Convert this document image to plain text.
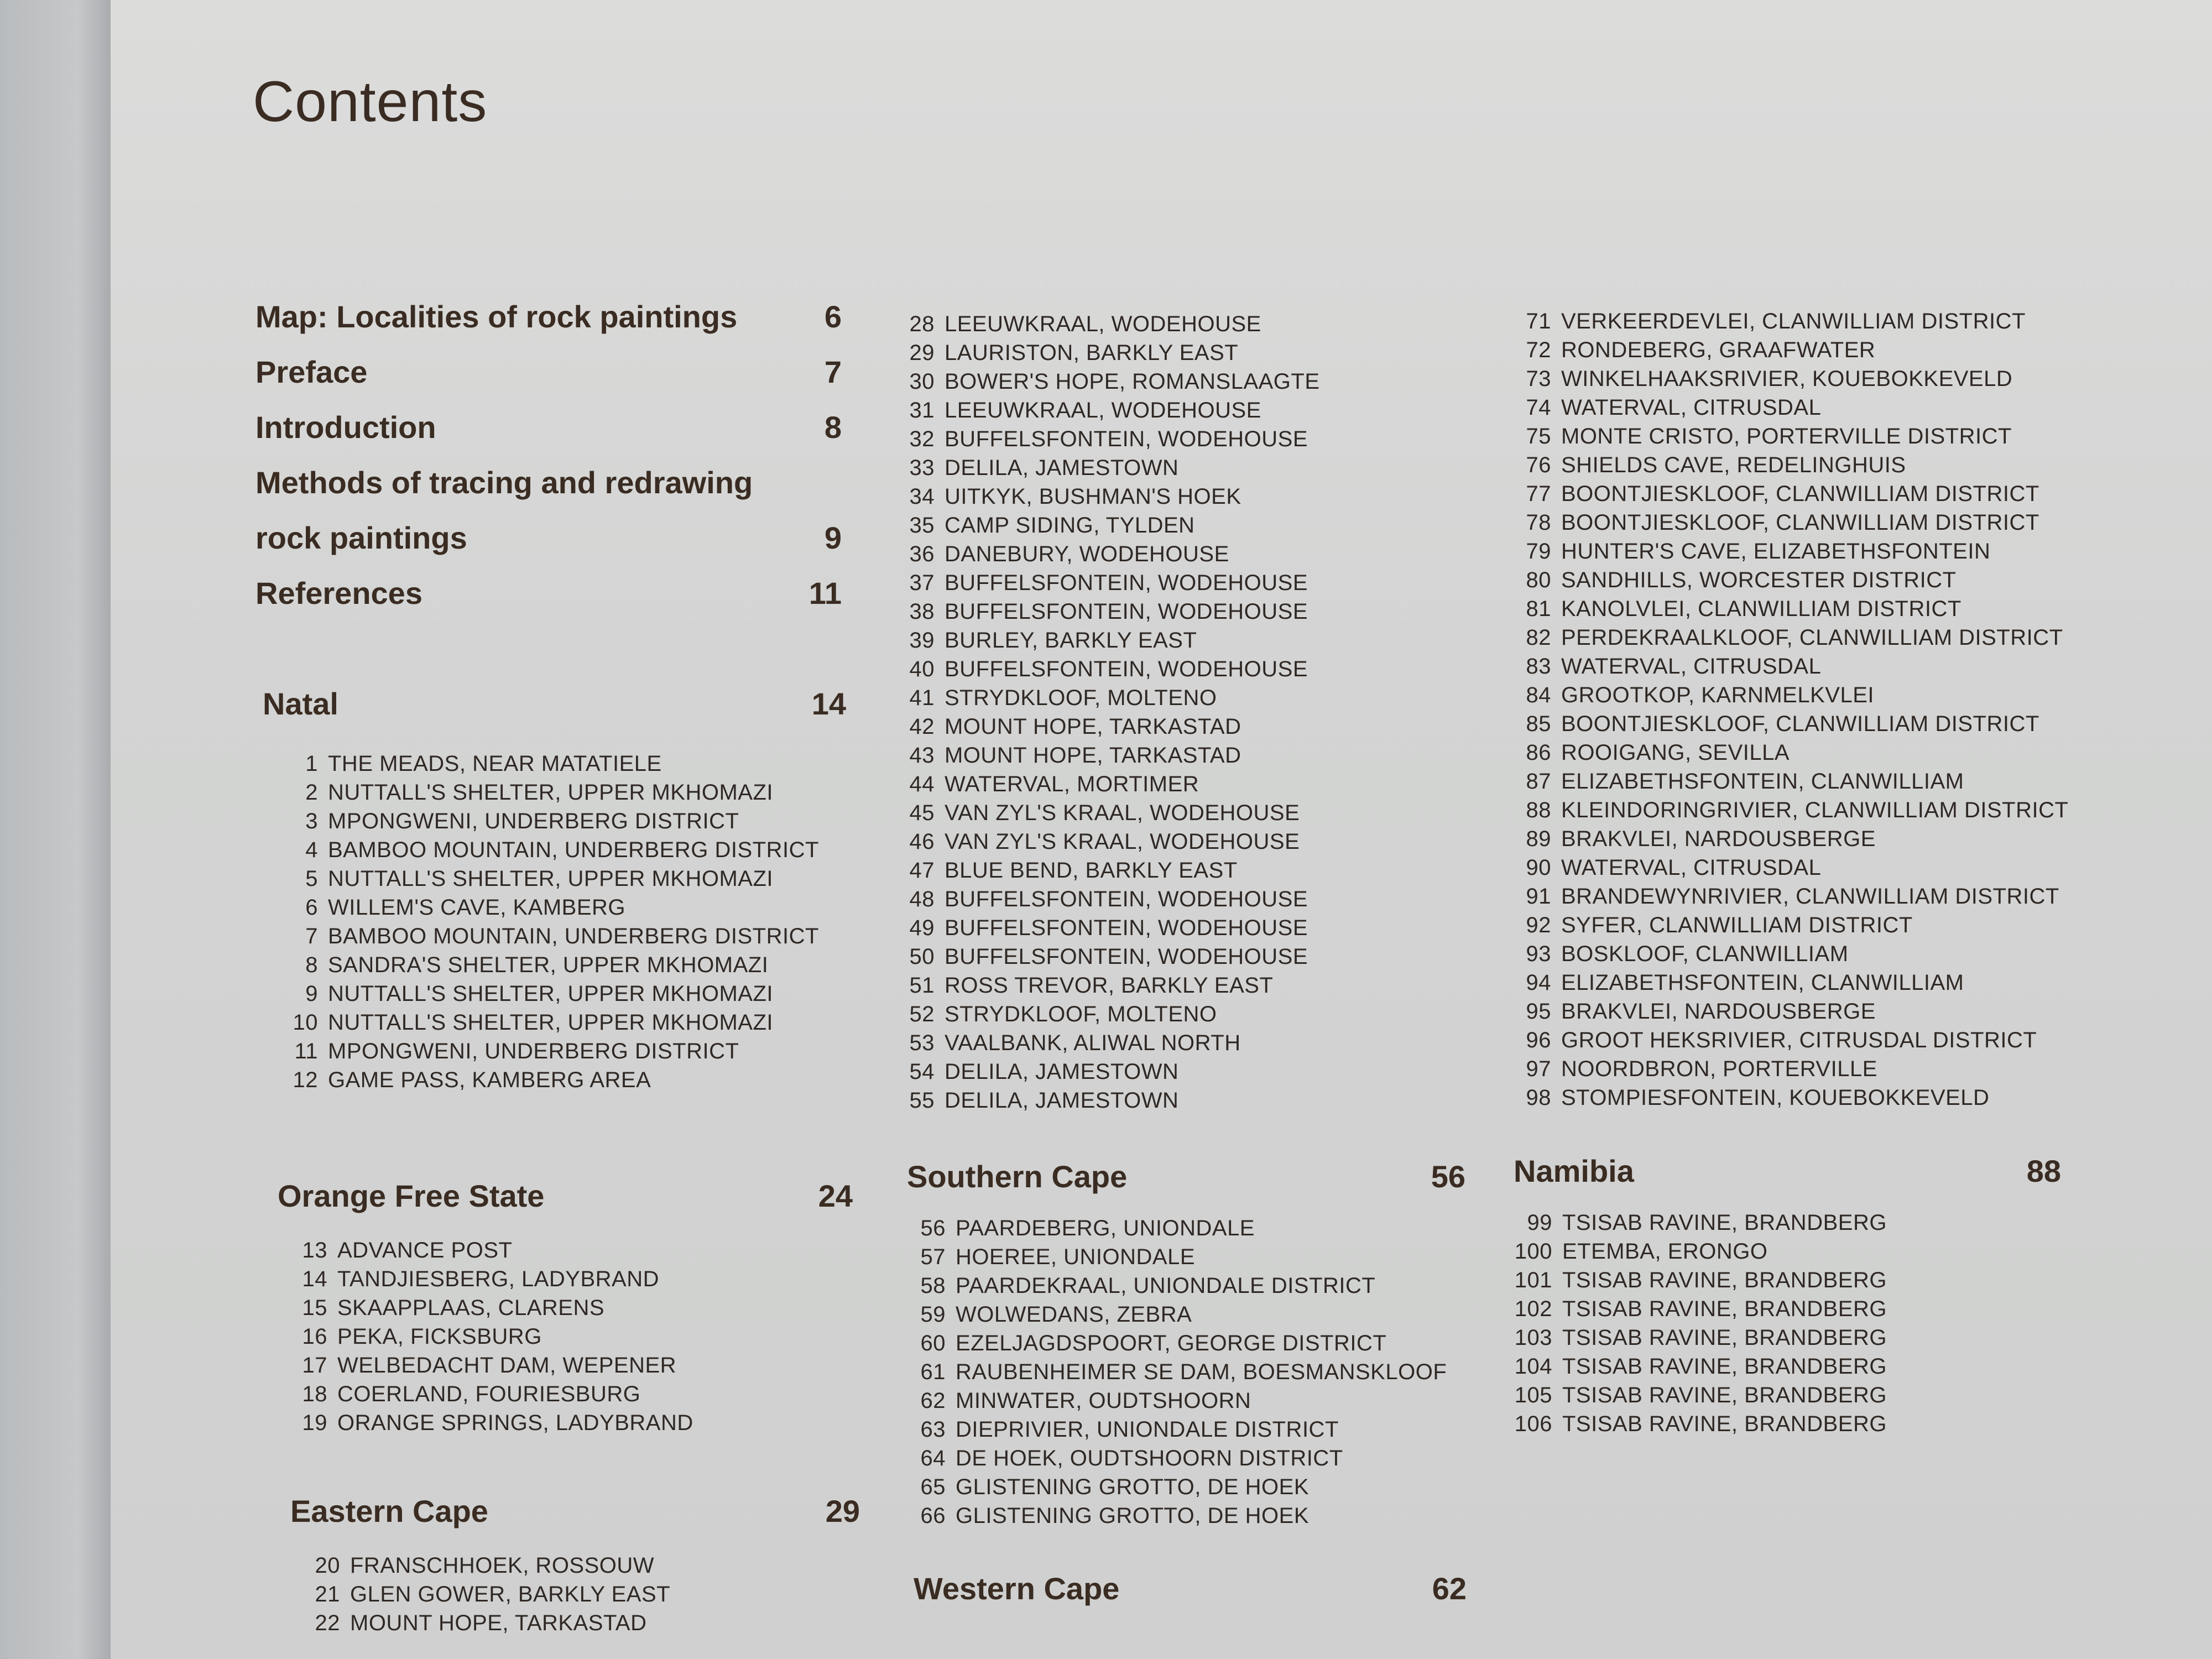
Contents
Map: Localities of rock paintings	6
Preface	7
Introduction	8
Methods of tracing and redrawing
rock paintings	9
References	11
Natal	14
1 THE MEADS, NEAR MATATIELE
2 NUTTALL'S SHELTER, UPPER MKHOMAZI
3 MPONGWENI, UNDERBERG DISTRICT
4 BAMBOO MOUNTAIN, UNDERBERG DISTRICT
5 NUTTALL'S SHELTER, UPPER MKHOMAZI
6 WILLEM'S CAVE, KAMBERG
7 BAMBOO MOUNTAIN, UNDERBERG DISTRICT
8 SANDRA'S SHELTER, UPPER MKHOMAZI
9 NUTTALL'S SHELTER, UPPER MKHOMAZI
10 NUTTALL'S SHELTER, UPPER MKHOMAZI
11 MPONGWENI, UNDERBERG DISTRICT
12 GAME PASS, KAMBERG AREA
Orange Free State	24
13 ADVANCE POST
14 TANDJIESBERG, LADYBRAND
15 SKAAPPLAAS, CLARENS
16 PEKA, FICKSBURG
17 WELBEDACHT DAM, WEPENER
18 COERLAND, FOURIESBURG
19 ORANGE SPRINGS, LADYBRAND
Eastern Cape	29
20 FRANSCHHOEK, ROSSOUW
21 GLEN GOWER, BARKLY EAST
22 MOUNT HOPE, TARKASTAD
28 LEEUWKRAAL, WODEHOUSE
29 LAURISTON, BARKLY EAST
30 BOWER'S HOPE, ROMANSLAAGTE
31 LEEUWKRAAL, WODEHOUSE
32 BUFFELSFONTEIN, WODEHOUSE
33 DELILA, JAMESTOWN
34 UITKYK, BUSHMAN'S HOEK
35 CAMP SIDING, TYLDEN
36 DANEBURY, WODEHOUSE
37 BUFFELSFONTEIN, WODEHOUSE
38 BUFFELSFONTEIN, WODEHOUSE
39 BURLEY, BARKLY EAST
40 BUFFELSFONTEIN, WODEHOUSE
41 STRYDKLOOF, MOLTENO
42 MOUNT HOPE, TARKASTAD
43 MOUNT HOPE, TARKASTAD
44 WATERVAL, MORTIMER
45 VAN ZYL'S KRAAL, WODEHOUSE
46 VAN ZYL'S KRAAL, WODEHOUSE
47 BLUE BEND, BARKLY EAST
48 BUFFELSFONTEIN, WODEHOUSE
49 BUFFELSFONTEIN, WODEHOUSE
50 BUFFELSFONTEIN, WODEHOUSE
51 ROSS TREVOR, BARKLY EAST
52 STRYDKLOOF, MOLTENO
53 VAALBANK, ALIWAL NORTH
54 DELILA, JAMESTOWN
55 DELILA, JAMESTOWN
Southern Cape	56
56 PAARDEBERG, UNIONDALE
57 HOEREE, UNIONDALE
58 PAARDEKRAAL, UNIONDALE DISTRICT
59 WOLWEDANS, ZEBRA
60 EZELJAGDSPOORT, GEORGE DISTRICT
61 RAUBENHEIMER SE DAM, BOESMANSKLOOF
62 MINWATER, OUDTSHOORN
63 DIEPRIVIER, UNIONDALE DISTRICT
64 DE HOEK, OUDTSHOORN DISTRICT
65 GLISTENING GROTTO, DE HOEK
66 GLISTENING GROTTO, DE HOEK
Western Cape	62
71 VERKEERDEVLEI, CLANWILLIAM DISTRICT
72 RONDEBERG, GRAAFWATER
73 WINKELHAAKSRIVIER, KOUEBOKKEVELD
74 WATERVAL, CITRUSDAL
75 MONTE CRISTO, PORTERVILLE DISTRICT
76 SHIELDS CAVE, REDELINGHUIS
77 BOONTJIESKLOOF, CLANWILLIAM DISTRICT
78 BOONTJIESKLOOF, CLANWILLIAM DISTRICT
79 HUNTER'S CAVE, ELIZABETHSFONTEIN
80 SANDHILLS, WORCESTER DISTRICT
81 KANOLVLEI, CLANWILLIAM DISTRICT
82 PERDEKRAALKLOOF, CLANWILLIAM DISTRICT
83 WATERVAL, CITRUSDAL
84 GROOTKOP, KARNMELKVLEI
85 BOONTJIESKLOOF, CLANWILLIAM DISTRICT
86 ROOIGANG, SEVILLA
87 ELIZABETHSFONTEIN, CLANWILLIAM
88 KLEINDORINGRIVIER, CLANWILLIAM DISTRICT
89 BRAKVLEI, NARDOUSBERGE
90 WATERVAL, CITRUSDAL
91 BRANDEWYNRIVIER, CLANWILLIAM DISTRICT
92 SYFER, CLANWILLIAM DISTRICT
93 BOSKLOOF, CLANWILLIAM
94 ELIZABETHSFONTEIN, CLANWILLIAM
95 BRAKVLEI, NARDOUSBERGE
96 GROOT HEKSRIVIER, CITRUSDAL DISTRICT
97 NOORDBRON, PORTERVILLE
98 STOMPIESFONTEIN, KOUEBOKKEVELD
Namibia	88
99 TSISAB RAVINE, BRANDBERG
100 ETEMBA, ERONGO
101 TSISAB RAVINE, BRANDBERG
102 TSISAB RAVINE, BRANDBERG
103 TSISAB RAVINE, BRANDBERG
104 TSISAB RAVINE, BRANDBERG
105 TSISAB RAVINE, BRANDBERG
106 TSISAB RAVINE, BRANDBERG
